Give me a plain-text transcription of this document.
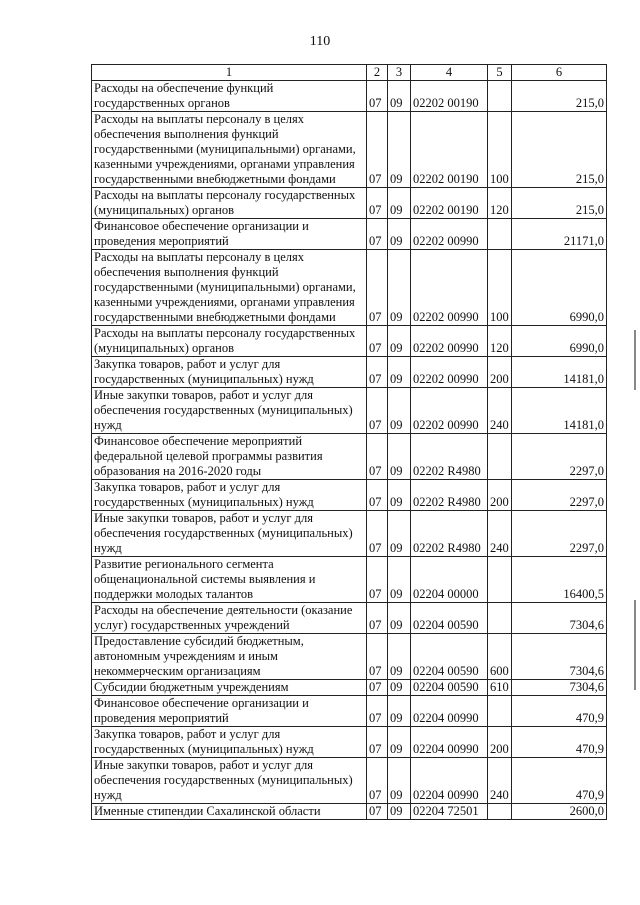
110
1	2	3	4	5	6
Расходы на обеспечение функций государственных органов	07	09	02202 00190		215,0
Расходы на выплаты персоналу в целях обеспечения выполнения функций государственными (муниципальными) органами, казенными учреждениями, органами управления государственными внебюджетными фондами	07	09	02202 00190	100	215,0
Расходы на выплаты персоналу государственных (муниципальных) органов	07	09	02202 00190	120	215,0
Финансовое обеспечение организации и проведения мероприятий	07	09	02202 00990		21171,0
Расходы на выплаты персоналу в целях обеспечения выполнения функций государственными (муниципальными) органами, казенными учреждениями, органами управления государственными внебюджетными фондами	07	09	02202 00990	100	6990,0
Расходы на выплаты персоналу государственных (муниципальных) органов	07	09	02202 00990	120	6990,0
Закупка товаров, работ и услуг для государственных (муниципальных) нужд	07	09	02202 00990	200	14181,0
Иные закупки товаров, работ и услуг для обеспечения государственных (муниципальных) нужд	07	09	02202 00990	240	14181,0
Финансовое обеспечение мероприятий федеральной целевой программы развития образования на 2016-2020 годы	07	09	02202 R4980		2297,0
Закупка товаров, работ и услуг для государственных (муниципальных) нужд	07	09	02202 R4980	200	2297,0
Иные закупки товаров, работ и услуг для обеспечения государственных (муниципальных) нужд	07	09	02202 R4980	240	2297,0
Развитие регионального сегмента общенациональной системы выявления и поддержки молодых талантов	07	09	02204 00000		16400,5
Расходы на обеспечение деятельности (оказание услуг) государственных учреждений	07	09	02204 00590		7304,6
Предоставление субсидий бюджетным, автономным учреждениям и иным некоммерческим организациям	07	09	02204 00590	600	7304,6
Субсидии бюджетным учреждениям	07	09	02204 00590	610	7304,6
Финансовое обеспечение организации и проведения мероприятий	07	09	02204 00990		470,9
Закупка товаров, работ и услуг для государственных (муниципальных) нужд	07	09	02204 00990	200	470,9
Иные закупки товаров, работ и услуг для обеспечения государственных (муниципальных) нужд	07	09	02204 00990	240	470,9
Именные стипендии Сахалинской области	07	09	02204 72501		2600,0
